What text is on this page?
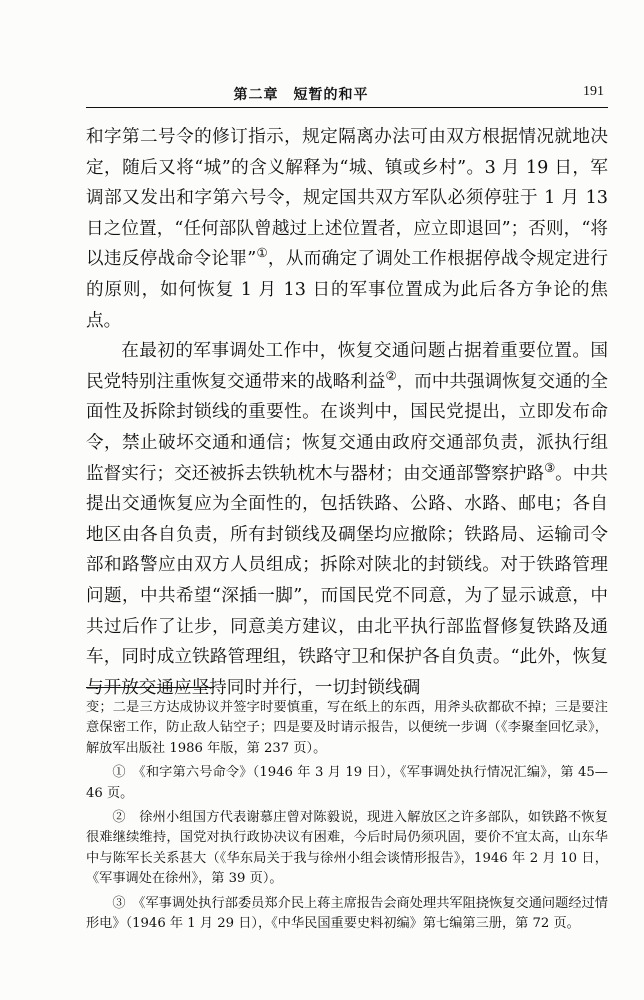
第二章　短暂的和平	191

和字第二号令的修订指示，规定隔离办法可由双方根据情况就地决定，随后又将“城”的含义解释为“城、镇或乡村”。3 月 19 日，军调部又发出和字第六号令，规定国共双方军队必须停驻于 1 月 13 日之位置，“任何部队曾越过上述位置者，应立即退回”；否则，“将以违反停战命令论罪”①，从而确定了调处工作根据停战令规定进行的原则，如何恢复 1 月 13 日的军事位置成为此后各方争论的焦点。

在最初的军事调处工作中，恢复交通问题占据着重要位置。国民党特别注重恢复交通带来的战略利益②，而中共强调恢复交通的全面性及拆除封锁线的重要性。在谈判中，国民党提出，立即发布命令，禁止破坏交通和通信；恢复交通由政府交通部负责，派执行组监督实行；交还被拆去铁轨枕木与器材；由交通部警察护路③。中共提出交通恢复应为全面性的，包括铁路、公路、水路、邮电；各自地区由各自负责，所有封锁线及碉堡均应撤除；铁路局、运输司令部和路警应由双方人员组成；拆除对陕北的封锁线。对于铁路管理问题，中共希望“深插一脚”，而国民党不同意，为了显示诚意，中共过后作了让步，同意美方建议，由北平执行部监督修复铁路及通车，同时成立铁路管理组，铁路守卫和保护各自负责。“此外，恢复与开放交通应坚持同时并行，一切封锁线碉

变；二是三方达成协议并签字时要慎重，写在纸上的东西，用斧头砍都砍不掉；三是要注意保密工作，防止敌人钻空子；四是要及时请示报告，以便统一步调（《李聚奎回忆录》，解放军出版社 1986 年版，第 237 页）。

①　《和字第六号命令》（1946 年 3 月 19 日），《军事调处执行情况汇编》，第 45—46 页。

②　徐州小组国方代表谢慕庄曾对陈毅说，现进入解放区之许多部队，如铁路不恢复很难继续维持，国党对执行政协决议有困难，今后时局仍须巩固，要价不宜太高，山东华中与陈军长关系甚大（《华东局关于我与徐州小组会谈情形报告》，1946 年 2 月 10 日，《军事调处在徐州》，第 39 页）。

③　《军事调处执行部委员郑介民上蒋主席报告会商处理共军阻挠恢复交通问题经过情形电》（1946 年 1 月 29 日），《中华民国重要史料初编》第七编第三册，第 72 页。
